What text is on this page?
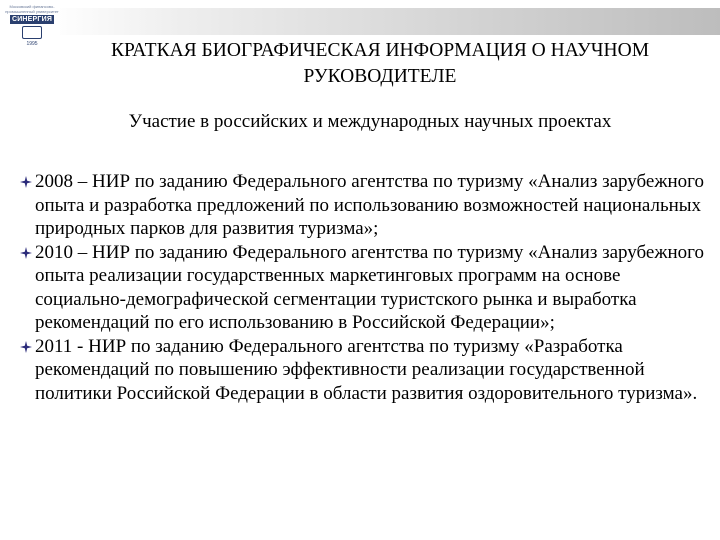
Московский финансово-промышленный университет
СИНЕРГИЯ
1995	КРАТКАЯ БИОГРАФИЧЕСКАЯ ИНФОРМАЦИЯ О НАУЧНОМ РУКОВОДИТЕЛЕ

Участие в российских и международных научных проектах

2008 – НИР по заданию Федерального агентства по туризму «Анализ зарубежного опыта и разработка предложений по использованию возможностей национальных природных парков для развития туризма»;
2010 – НИР по заданию Федерального агентства по туризму «Анализ зарубежного опыта реализации государственных маркетинговых программ на основе социально-демографической сегментации туристского рынка и выработка рекомендаций по его использованию в Российской Федерации»;
2011 - НИР по заданию Федерального агентства по туризму «Разработка рекомендаций по повышению эффективности реализации государственной политики Российской Федерации в области развития оздоровительного туризма».
